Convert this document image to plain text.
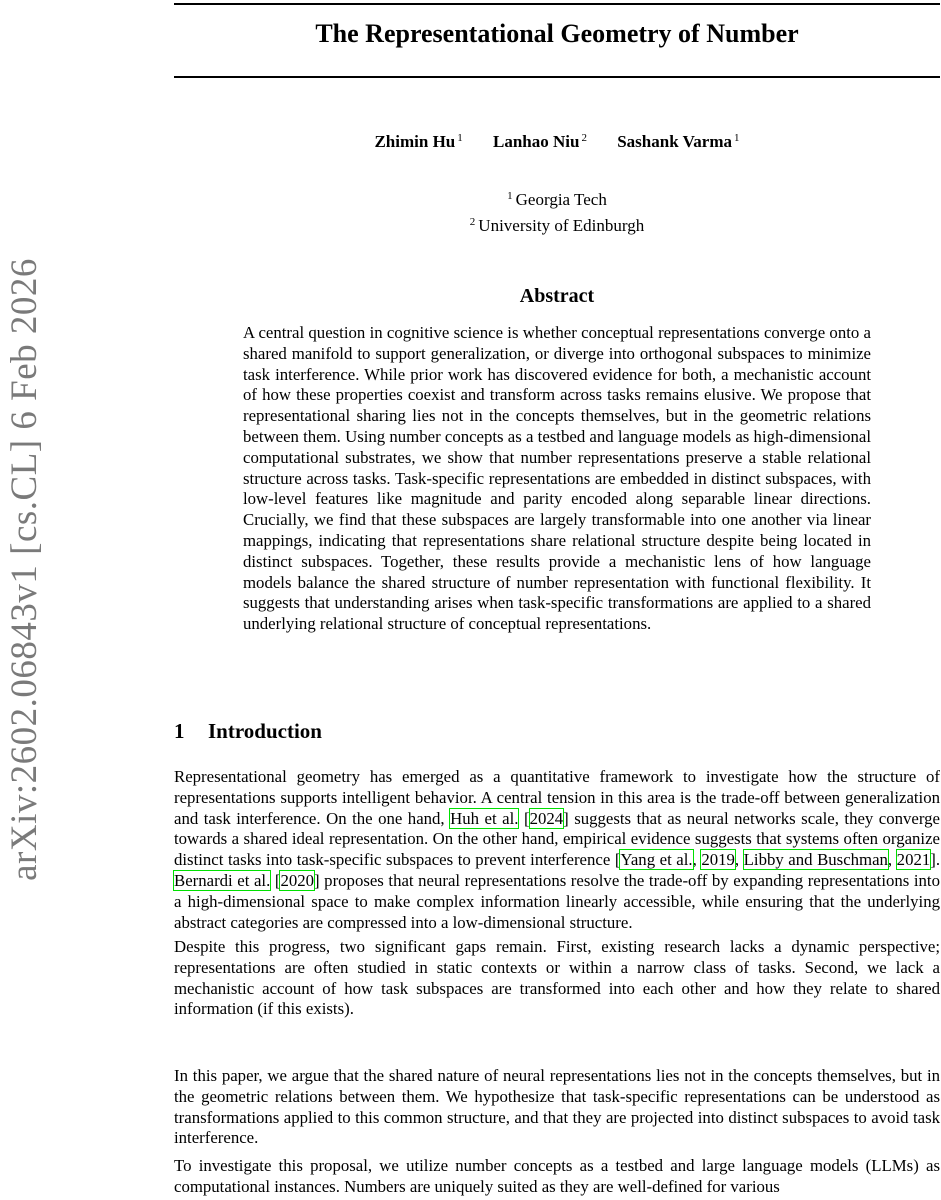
arXiv:2602.06843v1 [cs.CL] 6 Feb 2026
The Representational Geometry of Number
Zhimin Hu $^1$ Lanhao Niu $^2$ Sashank Varma $^1$
$^1$ Georgia Tech
$^2$ University of Edinburgh
Abstract

A central question in cognitive science is whether conceptual representations converge onto a shared manifold to support generalization, or diverge into orthogonal subspaces to minimize task interference. While prior work has discovered evidence for both, a mechanistic account of how these properties coexist and transform across tasks remains elusive. We propose that representational sharing lies not in the concepts themselves, but in the geometric relations between them. Using number concepts as a testbed and language models as high-dimensional computational substrates, we show that number representations preserve a stable relational structure across tasks. Task-specific representations are embedded in distinct subspaces, with low-level features like magnitude and parity encoded along separable linear directions. Crucially, we find that these subspaces are largely transformable into one another via linear mappings, indicating that representations share relational structure despite being located in distinct subspaces. Together, these results provide a mechanistic lens of how language models balance the shared structure of number representation with functional flexibility. It suggests that understanding arises when task-specific transformations are applied to a shared underlying relational structure of conceptual representations.

1 Introduction

Representational geometry has emerged as a quantitative framework to investigate how the structure of representations supports intelligent behavior. A central tension in this area is the trade-off between generalization and task interference. On the one hand, Huh et al. [2024] suggests that as neural networks scale, they converge towards a shared ideal representation. On the other hand, empirical evidence suggests that systems often organize distinct tasks into task-specific subspaces to prevent interference [Yang et al., 2019, Libby and Buschman, 2021]. Bernardi et al. [2020] proposes that neural representations resolve the trade-off by expanding representations into a high-dimensional space to make complex information linearly accessible, while ensuring that the underlying abstract categories are compressed into a low-dimensional structure.

Despite this progress, two significant gaps remain. First, existing research lacks a dynamic perspective; representations are often studied in static contexts or within a narrow class of tasks. Second, we lack a mechanistic account of how task subspaces are transformed into each other and how they relate to shared information (if this exists).

In this paper, we argue that the shared nature of neural representations lies not in the concepts themselves, but in the geometric relations between them. We hypothesize that task-specific representations can be understood as transformations applied to this common structure, and that they are projected into distinct subspaces to avoid task interference.

To investigate this proposal, we utilize number concepts as a testbed and large language models (LLMs) as computational instances. Numbers are uniquely suited as they are well-defined for various
